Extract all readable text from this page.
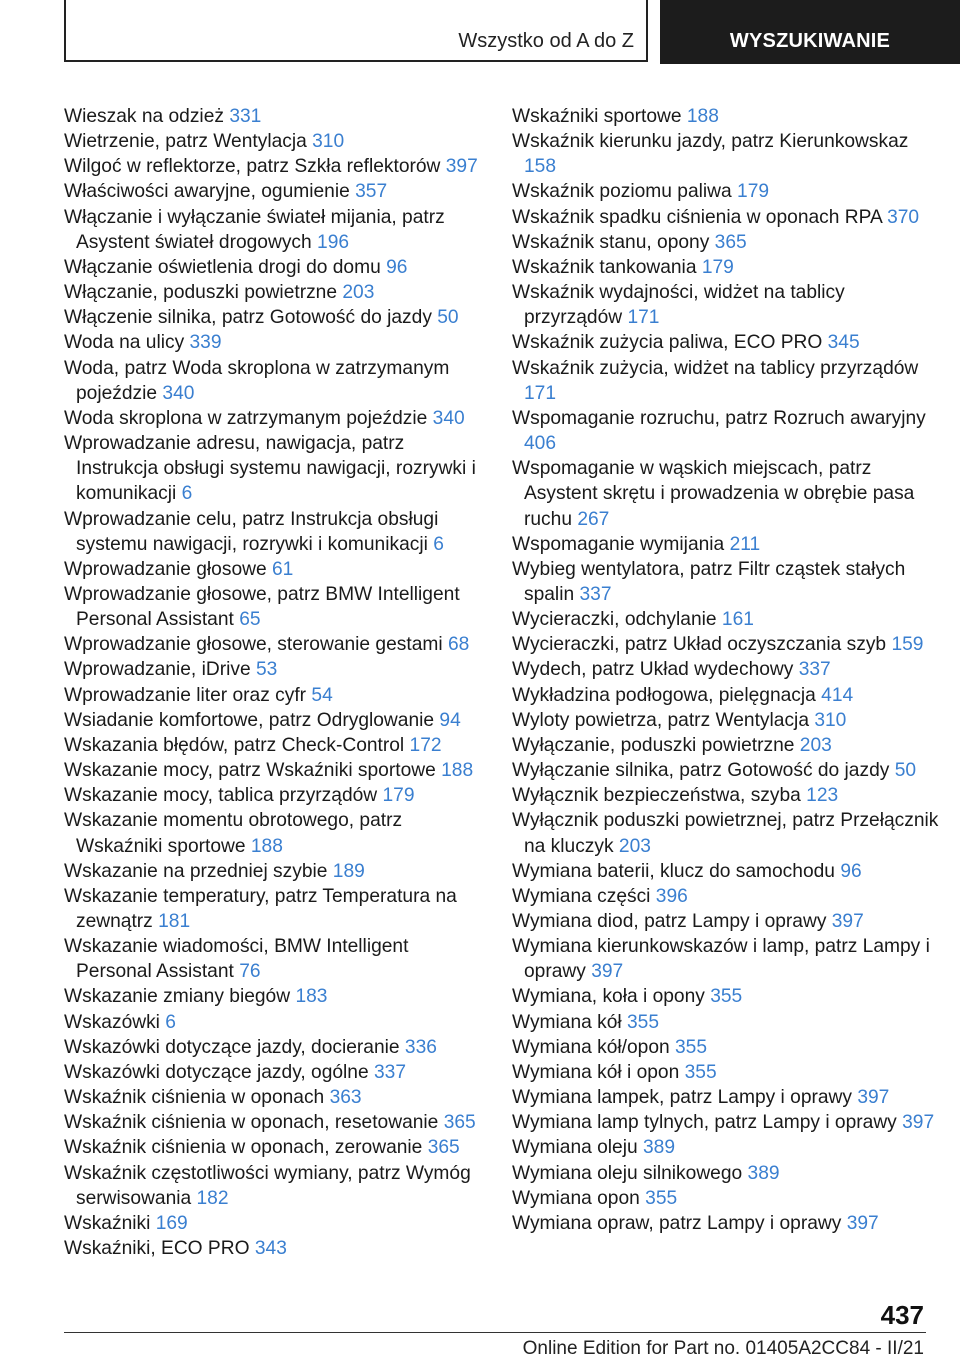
Wszystko od A do Z	WYSZUKIWANIE
Wieszak na odzież 331
Wietrzenie, patrz Wentylacja 310
Wilgoć w reflektorze, patrz Szkła reflektorów 397
Właściwości awaryjne, ogumienie 357
Włączanie i wyłączanie świateł mijania, patrz Asystent świateł drogowych 196
Włączanie oświetlenia drogi do domu 96
Włączanie, poduszki powietrzne 203
Włączenie silnika, patrz Gotowość do jazdy 50
Woda na ulicy 339
Woda, patrz Woda skroplona w zatrzymanym pojeździe 340
Woda skroplona w zatrzymanym pojeździe 340
Wprowadzanie adresu, nawigacja, patrz Instrukcja obsługi systemu nawigacji, rozrywki i komunikacji 6
Wprowadzanie celu, patrz Instrukcja obsługi systemu nawigacji, rozrywki i komunikacji 6
Wprowadzanie głosowe 61
Wprowadzanie głosowe, patrz BMW Intelligent Personal Assistant 65
Wprowadzanie głosowe, sterowanie gestami 68
Wprowadzanie, iDrive 53
Wprowadzanie liter oraz cyfr 54
Wsiadanie komfortowe, patrz Odryglowanie 94
Wskazania błędów, patrz Check-Control 172
Wskazanie mocy, patrz Wskaźniki sportowe 188
Wskazanie mocy, tablica przyrządów 179
Wskazanie momentu obrotowego, patrz Wskaźniki sportowe 188
Wskazanie na przedniej szybie 189
Wskazanie temperatury, patrz Temperatura na zewnątrz 181
Wskazanie wiadomości, BMW Intelligent Personal Assistant 76
Wskazanie zmiany biegów 183
Wskazówki 6
Wskazówki dotyczące jazdy, docieranie 336
Wskazówki dotyczące jazdy, ogólne 337
Wskaźnik ciśnienia w oponach 363
Wskaźnik ciśnienia w oponach, resetowanie 365
Wskaźnik ciśnienia w oponach, zerowanie 365
Wskaźnik częstotliwości wymiany, patrz Wymóg serwisowania 182
Wskaźniki 169
Wskaźniki, ECO PRO 343
Wskaźniki sportowe 188
Wskaźnik kierunku jazdy, patrz Kierunkowskaz 158
Wskaźnik poziomu paliwa 179
Wskaźnik spadku ciśnienia w oponach RPA 370
Wskaźnik stanu, opony 365
Wskaźnik tankowania 179
Wskaźnik wydajności, widżet na tablicy przyrządów 171
Wskaźnik zużycia paliwa, ECO PRO 345
Wskaźnik zużycia, widżet na tablicy przyrządów 171
Wspomaganie rozruchu, patrz Rozruch awaryjny 406
Wspomaganie w wąskich miejscach, patrz Asystent skrętu i prowadzenia w obrębie pasa ruchu 267
Wspomaganie wymijania 211
Wybieg wentylatora, patrz Filtr cząstek stałych spalin 337
Wycieraczki, odchylanie 161
Wycieraczki, patrz Układ oczyszczania szyb 159
Wydech, patrz Układ wydechowy 337
Wykładzina podłogowa, pielęgnacja 414
Wyloty powietrza, patrz Wentylacja 310
Wyłączanie, poduszki powietrzne 203
Wyłączanie silnika, patrz Gotowość do jazdy 50
Wyłącznik bezpieczeństwa, szyba 123
Wyłącznik poduszki powietrznej, patrz Przełącznik na kluczyk 203
Wymiana baterii, klucz do samochodu 96
Wymiana części 396
Wymiana diod, patrz Lampy i oprawy 397
Wymiana kierunkowskazów i lamp, patrz Lampy i oprawy 397
Wymiana, koła i opony 355
Wymiana kół 355
Wymiana kół/opon 355
Wymiana kół i opon 355
Wymiana lampek, patrz Lampy i oprawy 397
Wymiana lamp tylnych, patrz Lampy i oprawy 397
Wymiana oleju 389
Wymiana oleju silnikowego 389
Wymiana opon 355
Wymiana opraw, patrz Lampy i oprawy 397
437
Online Edition for Part no. 01405A2CC84 - II/21
